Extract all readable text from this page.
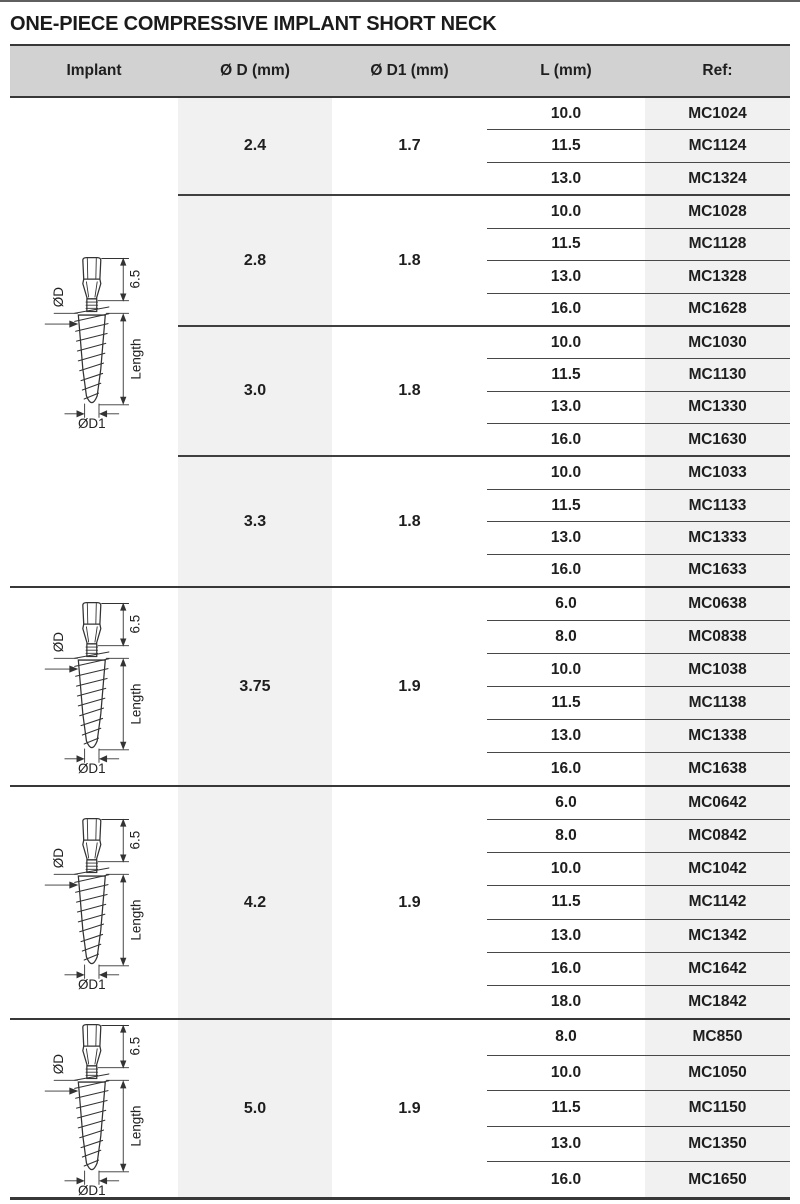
ONE-PIECE COMPRESSIVE IMPLANT SHORT NECK
Implant	Ø D (mm)	Ø D1 (mm)	L (mm)	Ref:
6.5
ØD
Length
ØD1
2.4	1.7
10.0	MC1024
11.5	MC1124
13.0	MC1324
2.8	1.8
10.0	MC1028
11.5	MC1128
13.0	MC1328
16.0	MC1628
3.0	1.8
10.0	MC1030
11.5	MC1130
13.0	MC1330
16.0	MC1630
3.3	1.8
10.0	MC1033
11.5	MC1133
13.0	MC1333
16.0	MC1633
6.5
ØD
Length
ØD1
3.75	1.9
6.0	MC0638
8.0	MC0838
10.0	MC1038
11.5	MC1138
13.0	MC1338
16.0	MC1638
6.5
ØD
Length
ØD1
4.2	1.9
6.0	MC0642
8.0	MC0842
10.0	MC1042
11.5	MC1142
13.0	MC1342
16.0	MC1642
18.0	MC1842
6.5
ØD
Length
ØD1
5.0	1.9
8.0	MC850
10.0	MC1050
11.5	MC1150
13.0	MC1350
16.0	MC1650
